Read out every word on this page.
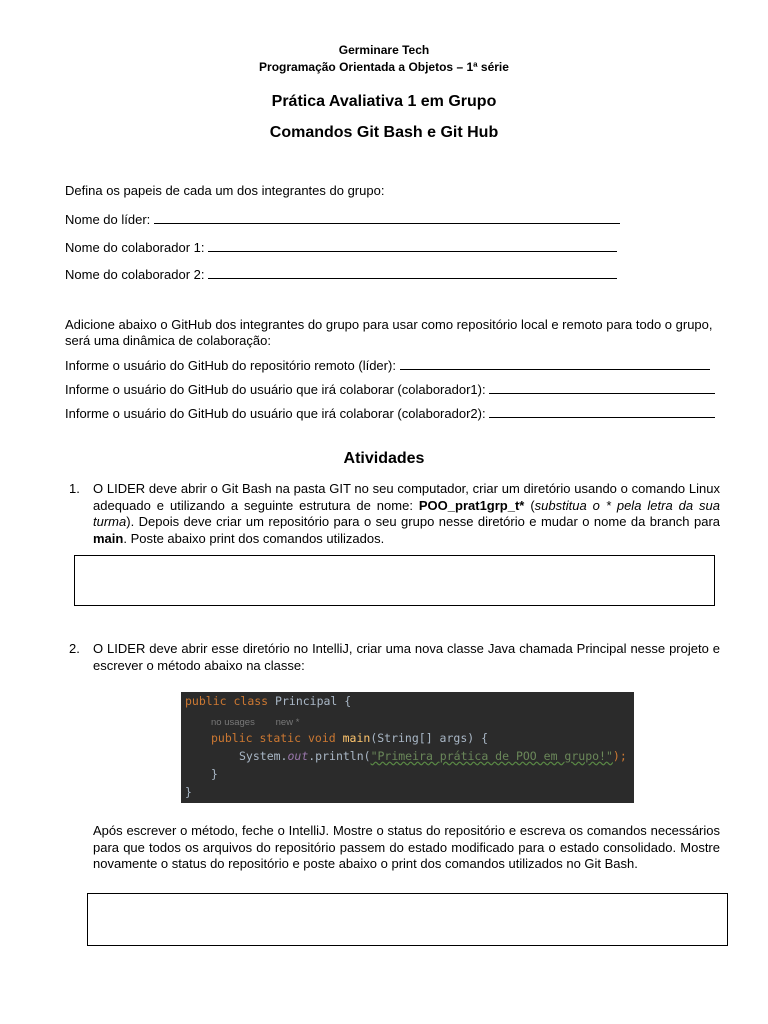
Germinare Tech
Programação Orientada a Objetos – 1ª série
Prática Avaliativa 1 em Grupo
Comandos Git Bash e Git Hub
Defina os papeis de cada um dos integrantes do grupo:
Nome do líder:
Nome do colaborador 1:
Nome do colaborador 2:
Adicione abaixo o GitHub dos integrantes do grupo para usar como repositório local e remoto para todo o grupo,
será uma dinâmica de colaboração:
Informe o usuário do GitHub do repositório remoto (líder):
Informe o usuário do GitHub do usuário que irá colaborar (colaborador1):
Informe o usuário do GitHub do usuário que irá colaborar (colaborador2):
Atividades
1. O LIDER deve abrir o Git Bash na pasta GIT no seu computador, criar um diretório usando o comando Linux adequado e utilizando a seguinte estrutura de nome: POO_prat1grp_t* (substitua o * pela letra da sua turma). Depois deve criar um repositório para o seu grupo nesse diretório e mudar o nome da branch para main. Poste abaixo print dos comandos utilizados.
2. O LIDER deve abrir esse diretório no IntelliJ, criar uma nova classe Java chamada Principal nesse projeto e escrever o método abaixo na classe:
public class Principal {
no usages new *
public static void main(String[] args) {
System.out.println("Primeira prática de POO em grupo!");
}
}
Após escrever o método, feche o IntelliJ. Mostre o status do repositório e escreva os comandos necessários para que todos os arquivos do repositório passem do estado modificado para o estado consolidado. Mostre novamente o status do repositório e poste abaixo o print dos comandos utilizados no Git Bash.
